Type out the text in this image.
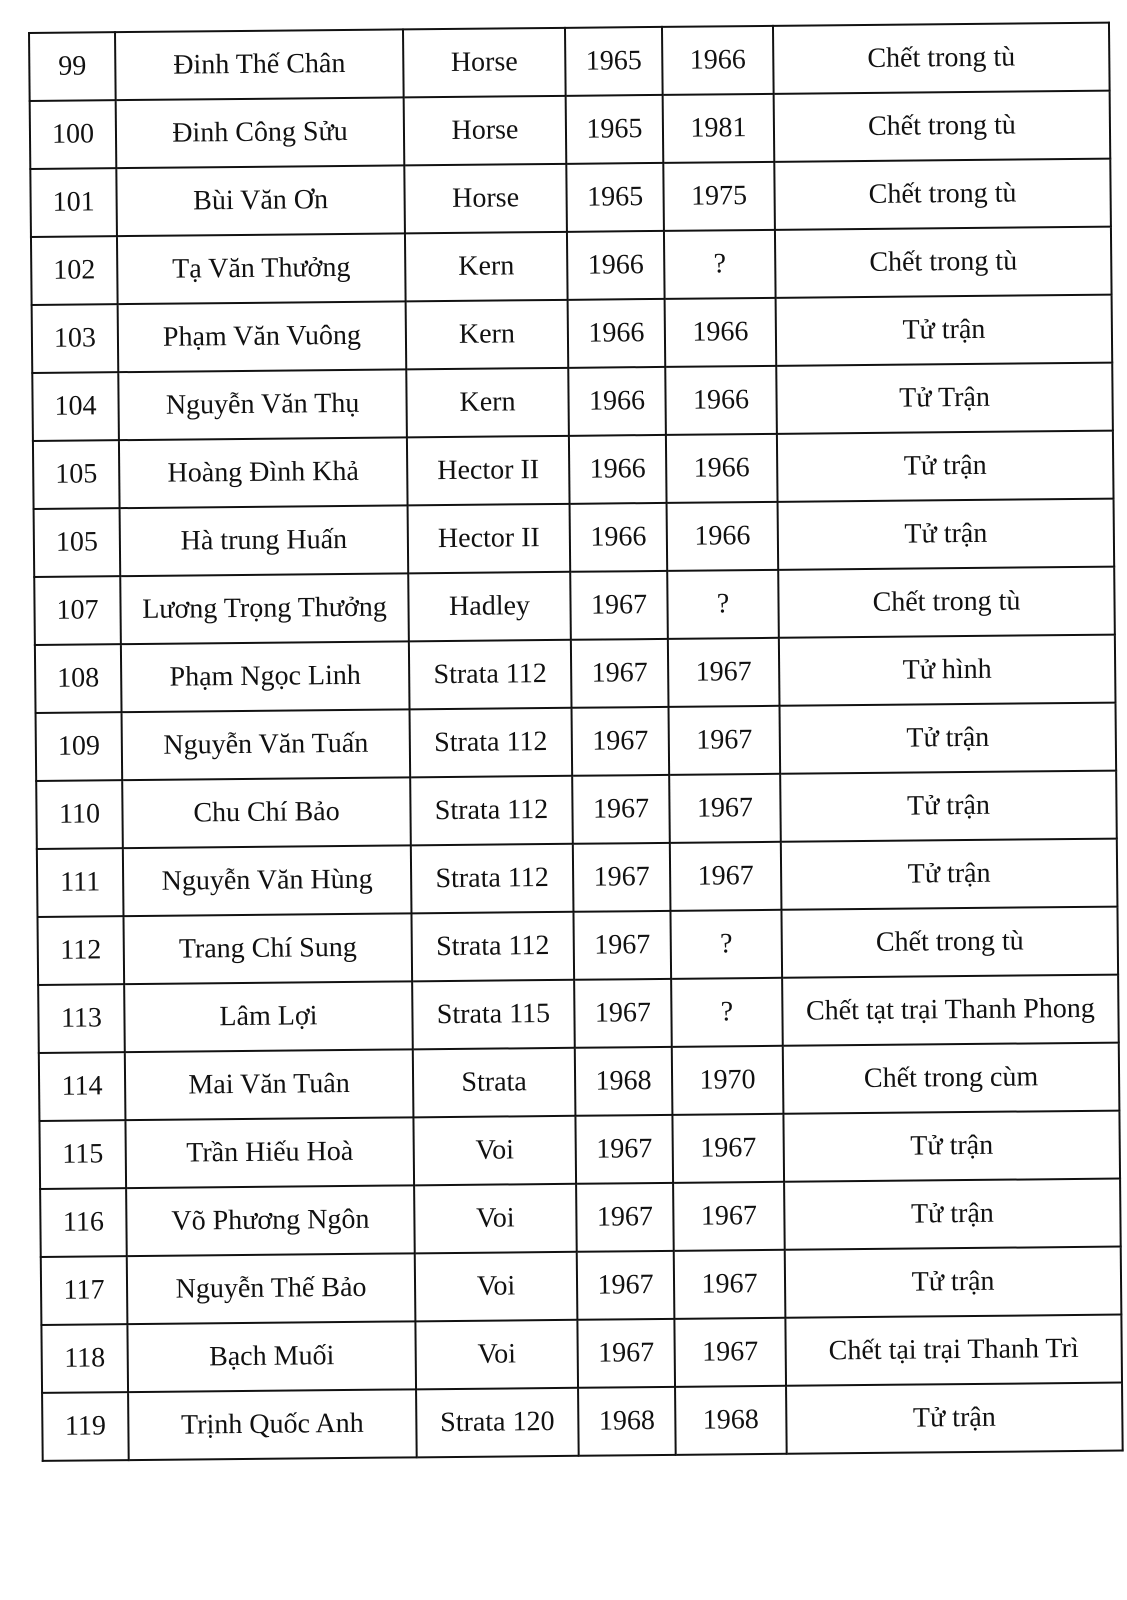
99	Đinh Thế Chân	Horse	1965	1966	Chết trong tù
100	Đinh Công Sửu	Horse	1965	1981	Chết trong tù
101	Bùi Văn Ơn	Horse	1965	1975	Chết trong tù
102	Tạ Văn Thưởng	Kern	1966	?	Chết trong tù
103	Phạm Văn Vuông	Kern	1966	1966	Tử trận
104	Nguyễn Văn Thụ	Kern	1966	1966	Tử Trận
105	Hoàng Đình Khả	Hector II	1966	1966	Tử trận
105	Hà trung Huấn	Hector II	1966	1966	Tử trận
107	Lương Trọng Thưởng	Hadley	1967	?	Chết trong tù
108	Phạm Ngọc Linh	Strata 112	1967	1967	Tử hình
109	Nguyễn Văn Tuấn	Strata 112	1967	1967	Tử trận
110	Chu Chí Bảo	Strata 112	1967	1967	Tử trận
111	Nguyễn Văn Hùng	Strata 112	1967	1967	Tử trận
112	Trang Chí Sung	Strata 112	1967	?	Chết trong tù
113	Lâm Lợi	Strata 115	1967	?	Chết tạt trại Thanh Phong
114	Mai Văn Tuân	Strata	1968	1970	Chết trong cùm
115	Trần Hiếu Hoà	Voi	1967	1967	Tử trận
116	Võ Phương Ngôn	Voi	1967	1967	Tử trận
117	Nguyễn Thế Bảo	Voi	1967	1967	Tử trận
118	Bạch Muối	Voi	1967	1967	Chết tại trại Thanh Trì
119	Trịnh Quốc Anh	Strata 120	1968	1968	Tử trận
